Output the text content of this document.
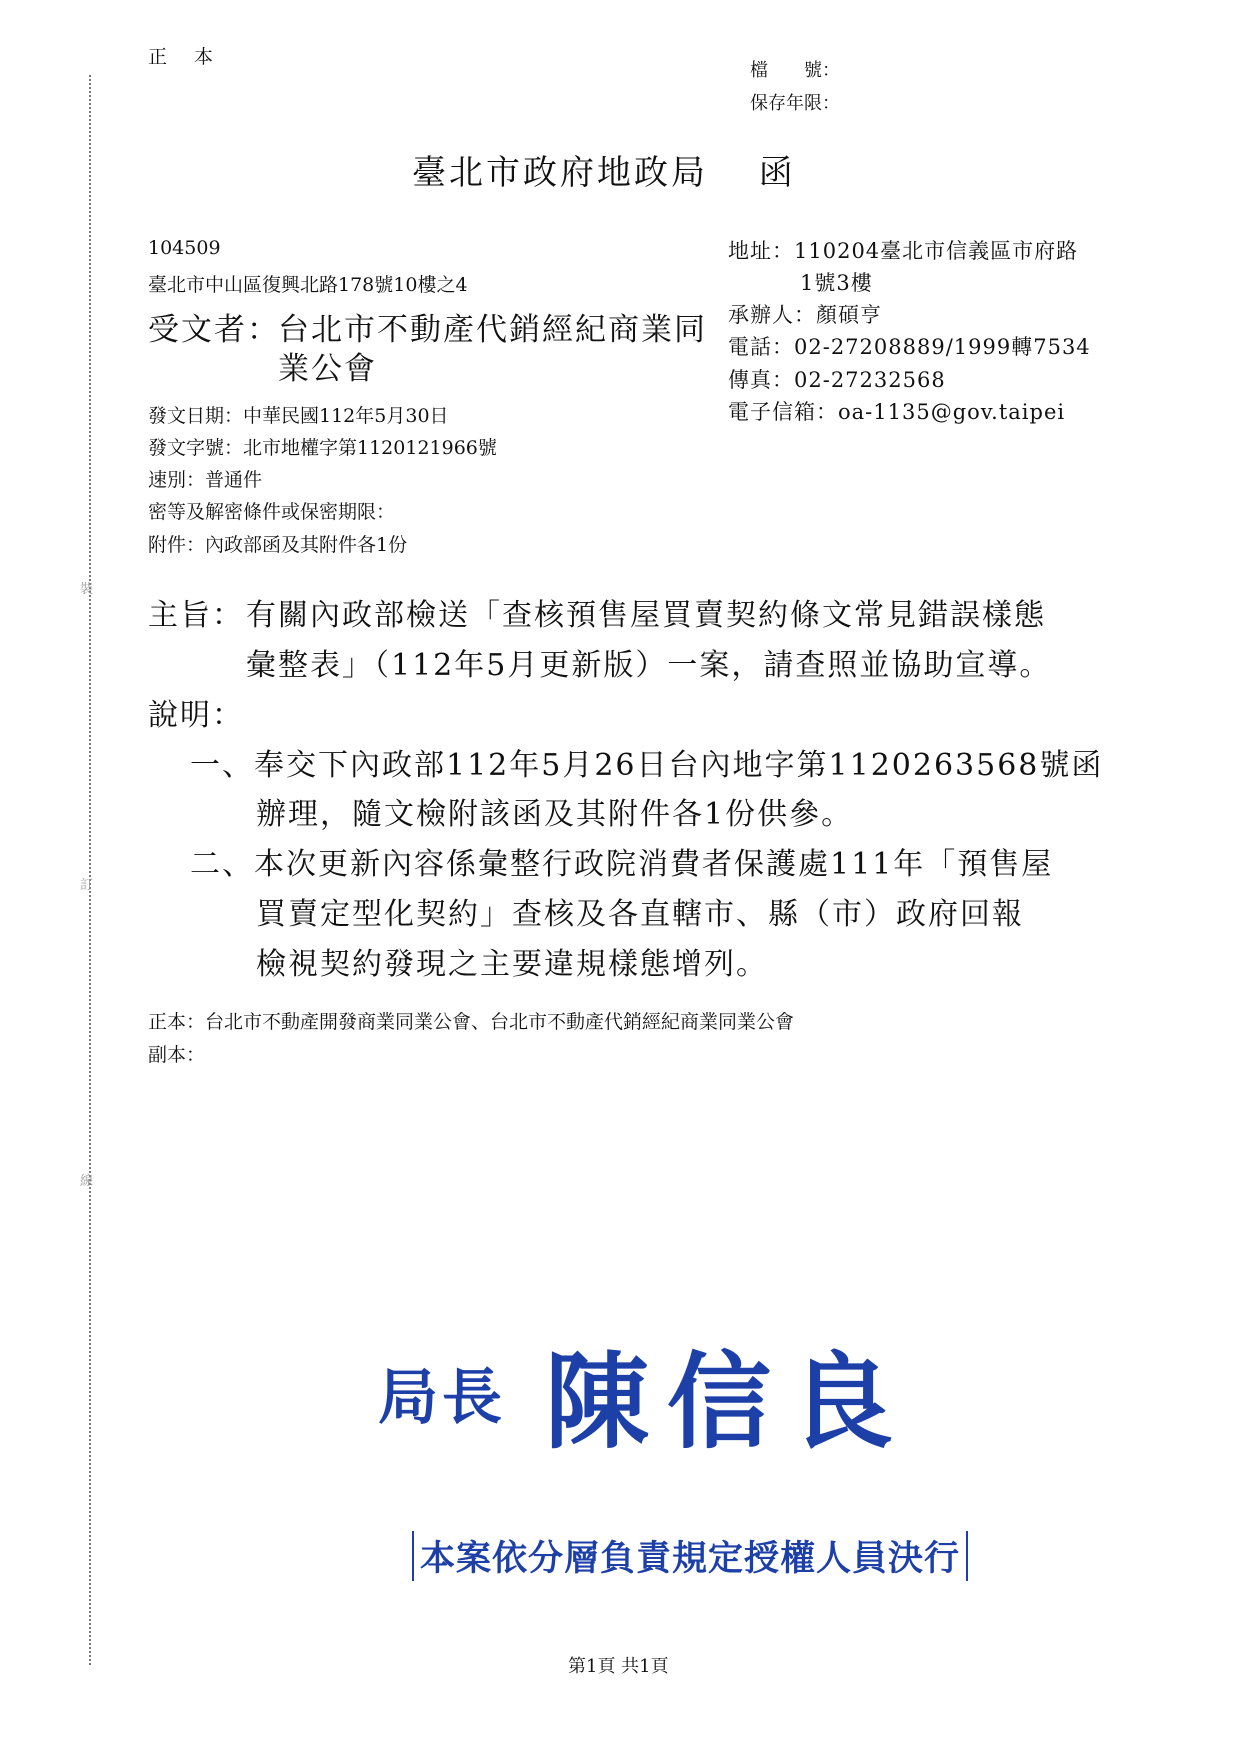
裝
訂
線
正　本
檔　　號：
保存年限：
臺北市政府地政局　 函
104509
臺北市中山區復興北路178號10樓之4
地址：110204臺北市信義區市府路
1號3樓
承辦人：顏碩亨
電話：02-27208889/1999轉7534
傳真：02-27232568
電子信箱：oa-1135@gov.taipei
受文者：
台北市不動產代銷經紀商業同
業公會
發文日期：中華民國112年5月30日
發文字號：北市地權字第1120121966號
速別：普通件
密等及解密條件或保密期限：
附件：內政部函及其附件各1份
主旨： 有關內政部檢送「查核預售屋買賣契約條文常見錯誤樣態
彙整表」（112年5月更新版）一案，請查照並協助宣導。
說明：
一、奉交下內政部112年5月26日台內地字第1120263568號函
辦理，隨文檢附該函及其附件各1份供參。
二、本次更新內容係彙整行政院消費者保護處111年「預售屋
買賣定型化契約」查核及各直轄市、縣（市）政府回報
檢視契約發現之主要違規樣態增列。
正本：台北市不動產開發商業同業公會、台北市不動產代銷經紀商業同業公會
副本：
局長 陳信良
本案依分層負責規定授權人員決行
第1頁 共1頁
